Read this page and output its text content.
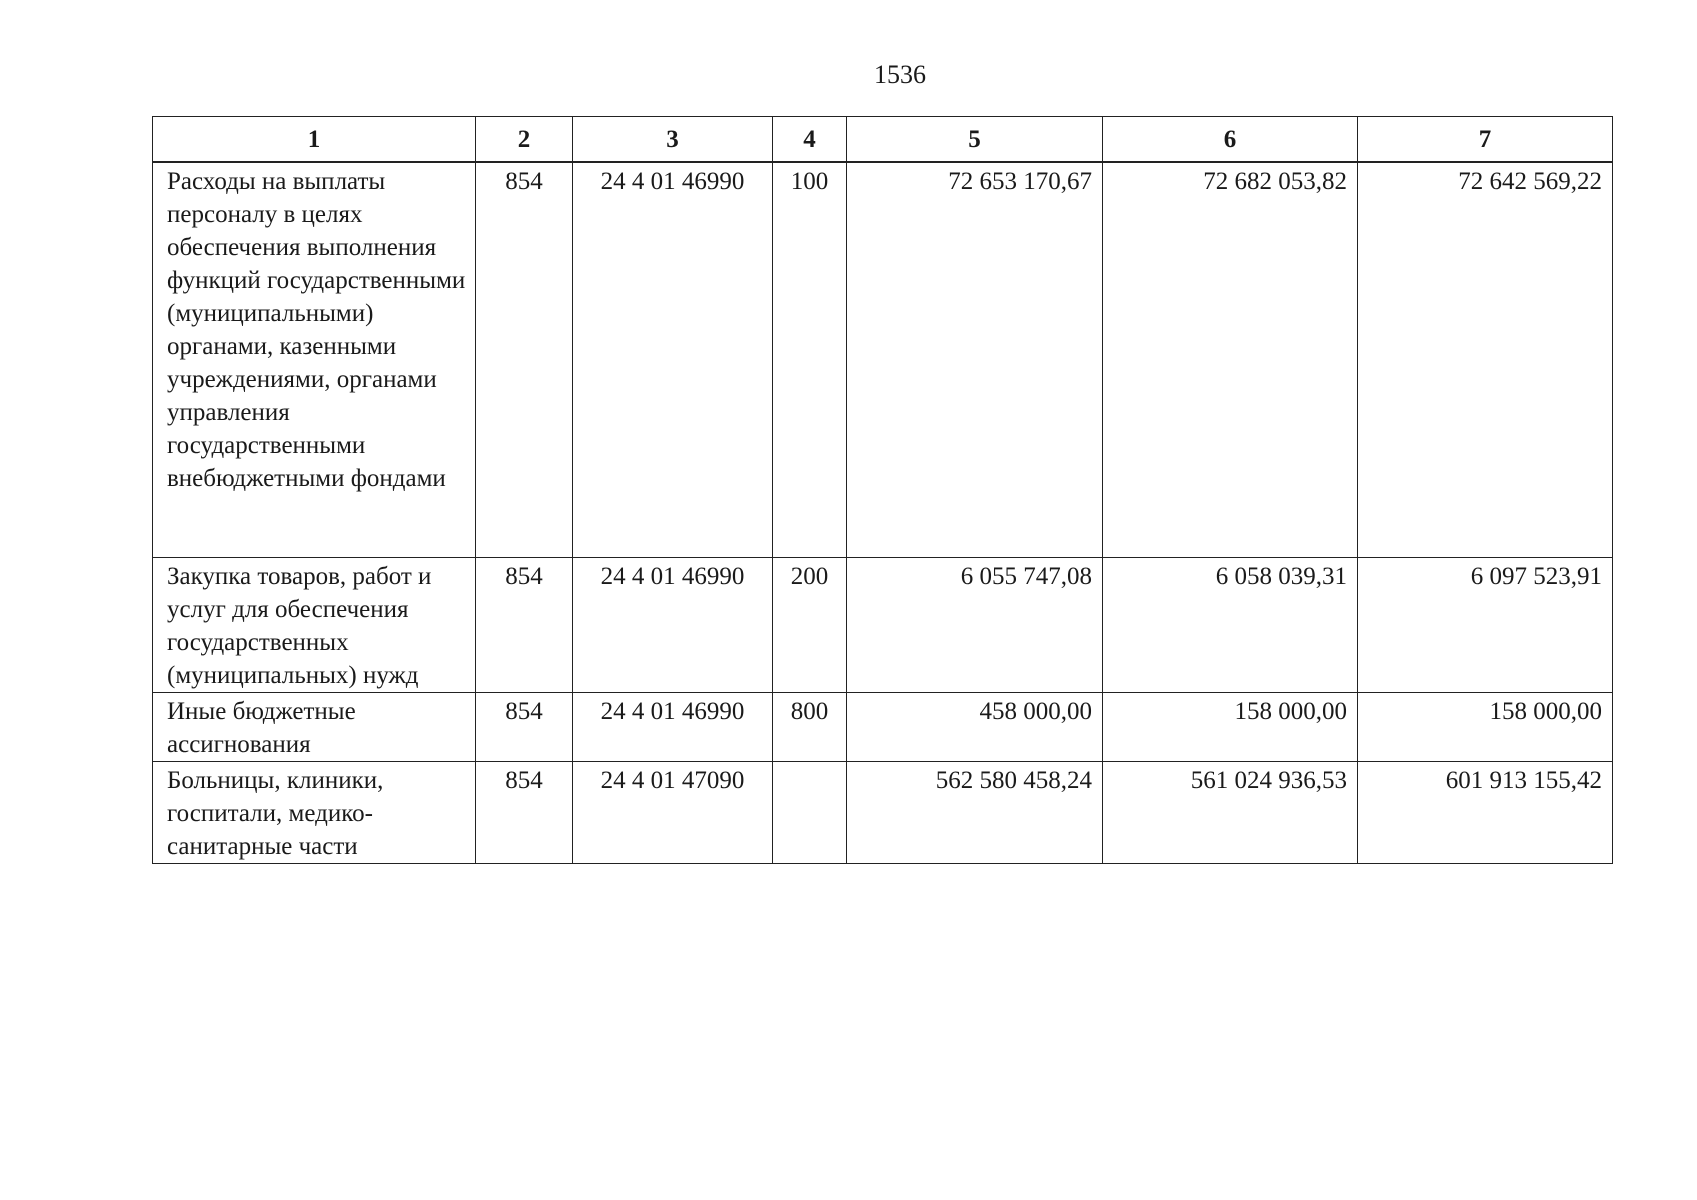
1536
1	2	3	4	5	6	7
Расходы на выплаты персоналу в целях обеспечения выполнения функций государственными (муниципальными) органами, казенными учреждениями, органами управления государственными внебюджетными фондами	854	24 4 01 46990	100	72 653 170,67	72 682 053,82	72 642 569,22
Закупка товаров, работ и услуг для обеспечения государственных (муниципальных) нужд	854	24 4 01 46990	200	6 055 747,08	6 058 039,31	6 097 523,91
Иные бюджетные ассигнования	854	24 4 01 46990	800	458 000,00	158 000,00	158 000,00
Больницы, клиники, госпитали, медико-санитарные части	854	24 4 01 47090		562 580 458,24	561 024 936,53	601 913 155,42
